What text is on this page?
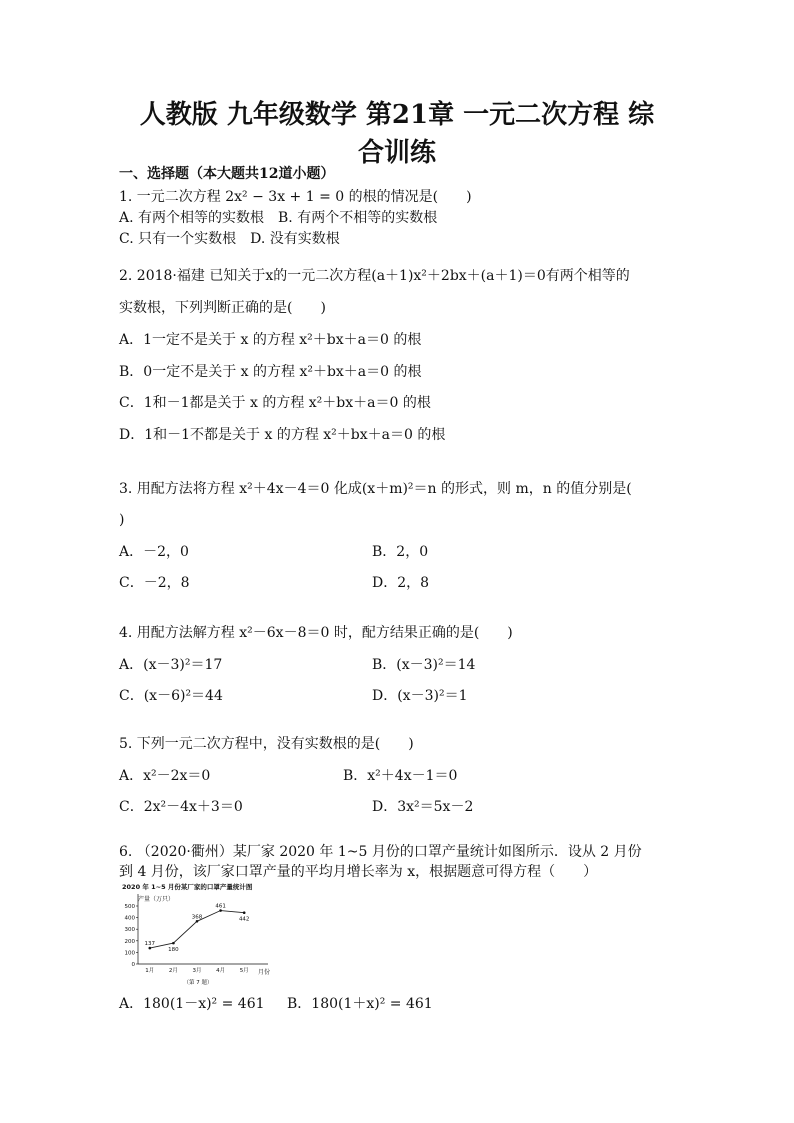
人教版 九年级数学 第21章 一元二次方程 综
合训练
一、选择题（本大题共12道小题）
1. 一元二次方程 2x² − 3x + 1 = 0 的根的情况是(　　)
A. 有两个相等的实数根　B. 有两个不相等的实数根
C. 只有一个实数根　D. 没有实数根
2. 2018·福建 已知关于x的一元二次方程(a＋1)x²＋2bx＋(a＋1)＝0有两个相等的
实数根，下列判断正确的是(　　)
A．1一定不是关于 x 的方程 x²＋bx＋a＝0 的根
B．0一定不是关于 x 的方程 x²＋bx＋a＝0 的根
C．1和－1都是关于 x 的方程 x²＋bx＋a＝0 的根
D．1和－1不都是关于 x 的方程 x²＋bx＋a＝0 的根
3. 用配方法将方程 x²＋4x－4＝0 化成(x＋m)²＝n 的形式，则 m，n 的值分别是(
)
A．－2，0	B．2，0
C．－2，8	D．2，8
4. 用配方法解方程 x²－6x－8＝0 时，配方结果正确的是(　　)
A．(x－3)²＝17	B．(x－3)²＝14
C．(x－6)²＝44	D．(x－3)²＝1
5. 下列一元二次方程中，没有实数根的是(　　)
A．x²－2x＝0	B．x²＋4x－1＝0
C．2x²－4x＋3＝0	D．3x²＝5x－2
6. （2020·衢州）某厂家 2020 年 1~5 月份的口罩产量统计如图所示．设从 2 月份
到 4 月份，该厂家口罩产量的平均月增长率为 x，根据题意可得方程（　　）
2020 年 1~5 月份某厂家的口罩产量统计图
产量（万只）
月份
（第 7 题）
0
100
200
300
400
500
1月	2月	3月	4月	5月
137
180
368
461
442
A．180(1－x)² = 461 B．180(1＋x)² = 461
